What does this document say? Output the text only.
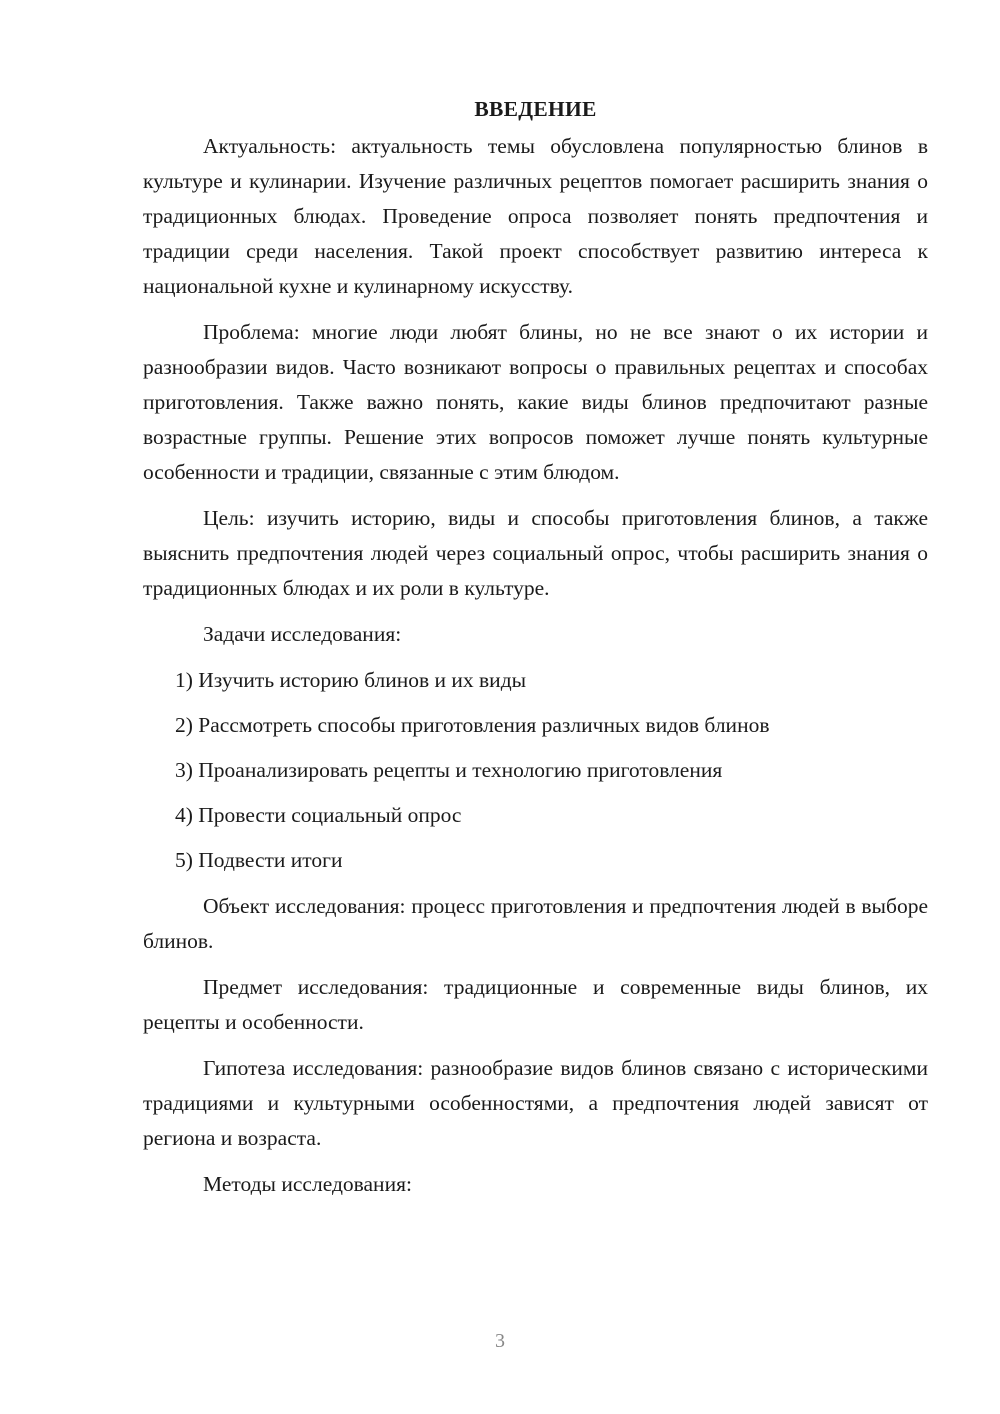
ВВЕДЕНИЕ

Актуальность: актуальность темы обусловлена популярностью блинов в культуре и кулинарии. Изучение различных рецептов помогает расширить знания о традиционных блюдах. Проведение опроса позволяет понять предпочтения и традиции среди населения. Такой проект способствует развитию интереса к национальной кухне и кулинарному искусству.

Проблема: многие люди любят блины, но не все знают о их истории и разнообразии видов. Часто возникают вопросы о правильных рецептах и способах приготовления. Также важно понять, какие виды блинов предпочитают разные возрастные группы. Решение этих вопросов поможет лучше понять культурные особенности и традиции, связанные с этим блюдом.

Цель: изучить историю, виды и способы приготовления блинов, а также выяснить предпочтения людей через социальный опрос, чтобы расширить знания о традиционных блюдах и их роли в культуре.

Задачи исследования:

1) Изучить историю блинов и их виды
2) Рассмотреть способы приготовления различных видов блинов
3) Проанализировать рецепты и технологию приготовления
4) Провести социальный опрос
5) Подвести итоги

Объект исследования: процесс приготовления и предпочтения людей в выборе блинов.

Предмет исследования: традиционные и современные виды блинов, их рецепты и особенности.

Гипотеза исследования: разнообразие видов блинов связано с историческими традициями и культурными особенностями, а предпочтения людей зависят от региона и возраста.

Методы исследования:

3
